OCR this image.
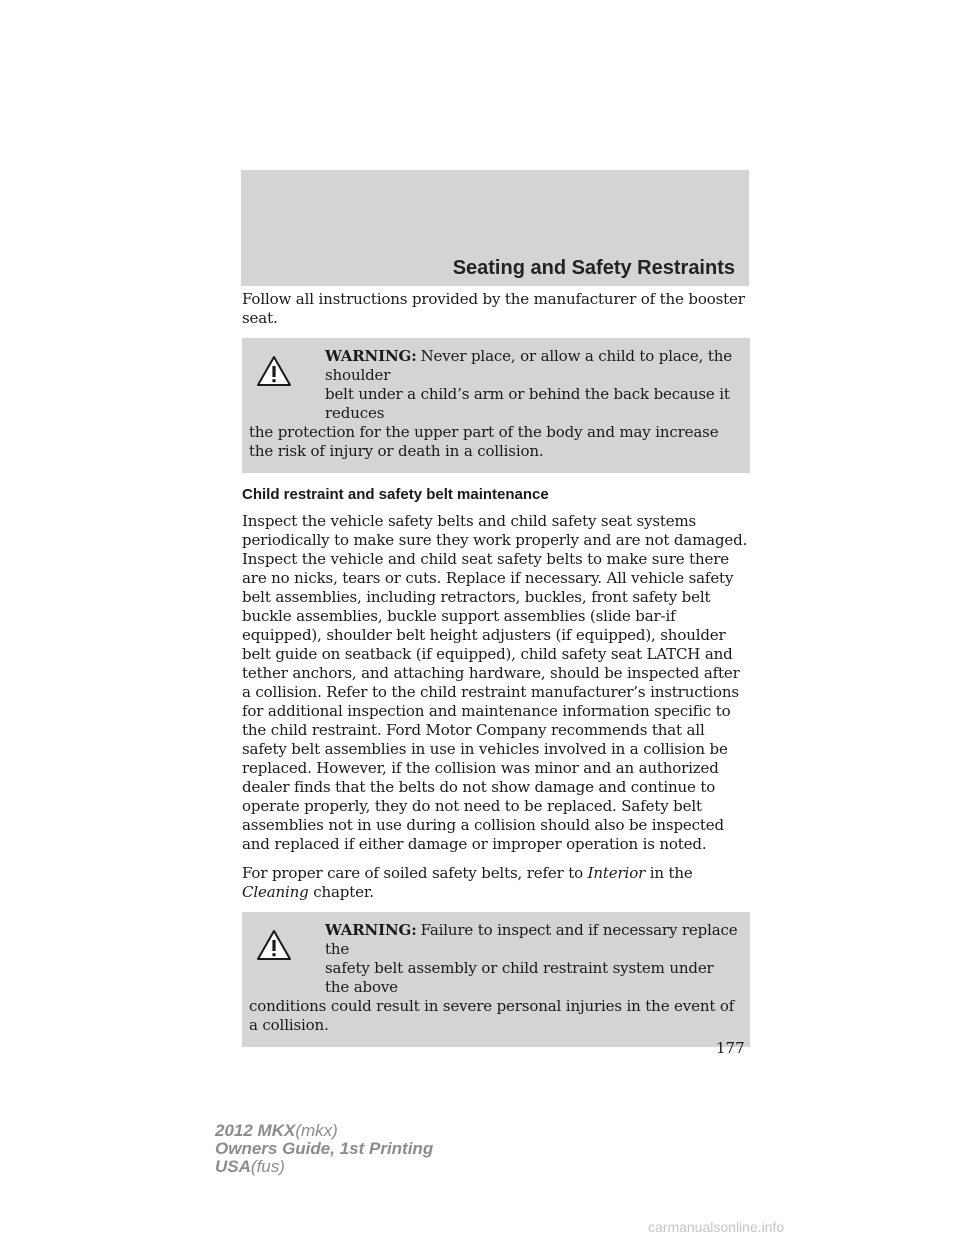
Seating and Safety Restraints

Follow all instructions provided by the manufacturer of the booster seat.

WARNING: Never place, or allow a child to place, the shoulder
belt under a child’s arm or behind the back because it reduces
the protection for the upper part of the body and may increase the risk of injury or death in a collision.
Child restraint and safety belt maintenance

Inspect the vehicle safety belts and child safety seat systems periodically to make sure they work properly and are not damaged. Inspect the vehicle and child seat safety belts to make sure there are no nicks, tears or cuts. Replace if necessary. All vehicle safety belt assemblies, including retractors, buckles, front safety belt buckle assemblies, buckle support assemblies (slide bar-if equipped), shoulder belt height adjusters (if equipped), shoulder belt guide on seatback (if equipped), child safety seat LATCH and tether anchors, and attaching hardware, should be inspected after a collision. Refer to the child restraint manufacturer’s instructions for additional inspection and maintenance information specific to the child restraint. Ford Motor Company recommends that all safety belt assemblies in use in vehicles involved in a collision be replaced. However, if the collision was minor and an authorized dealer finds that the belts do not show damage and continue to operate properly, they do not need to be replaced. Safety belt assemblies not in use during a collision should also be inspected and replaced if either damage or improper operation is noted.

For proper care of soiled safety belts, refer to Interior in the Cleaning chapter.

WARNING: Failure to inspect and if necessary replace the
safety belt assembly or child restraint system under the above
conditions could result in severe personal injuries in the event of a collision.
177
2012 MKX(mkx)
Owners Guide, 1st Printing
USA(fus)
carmanualsonline.info
